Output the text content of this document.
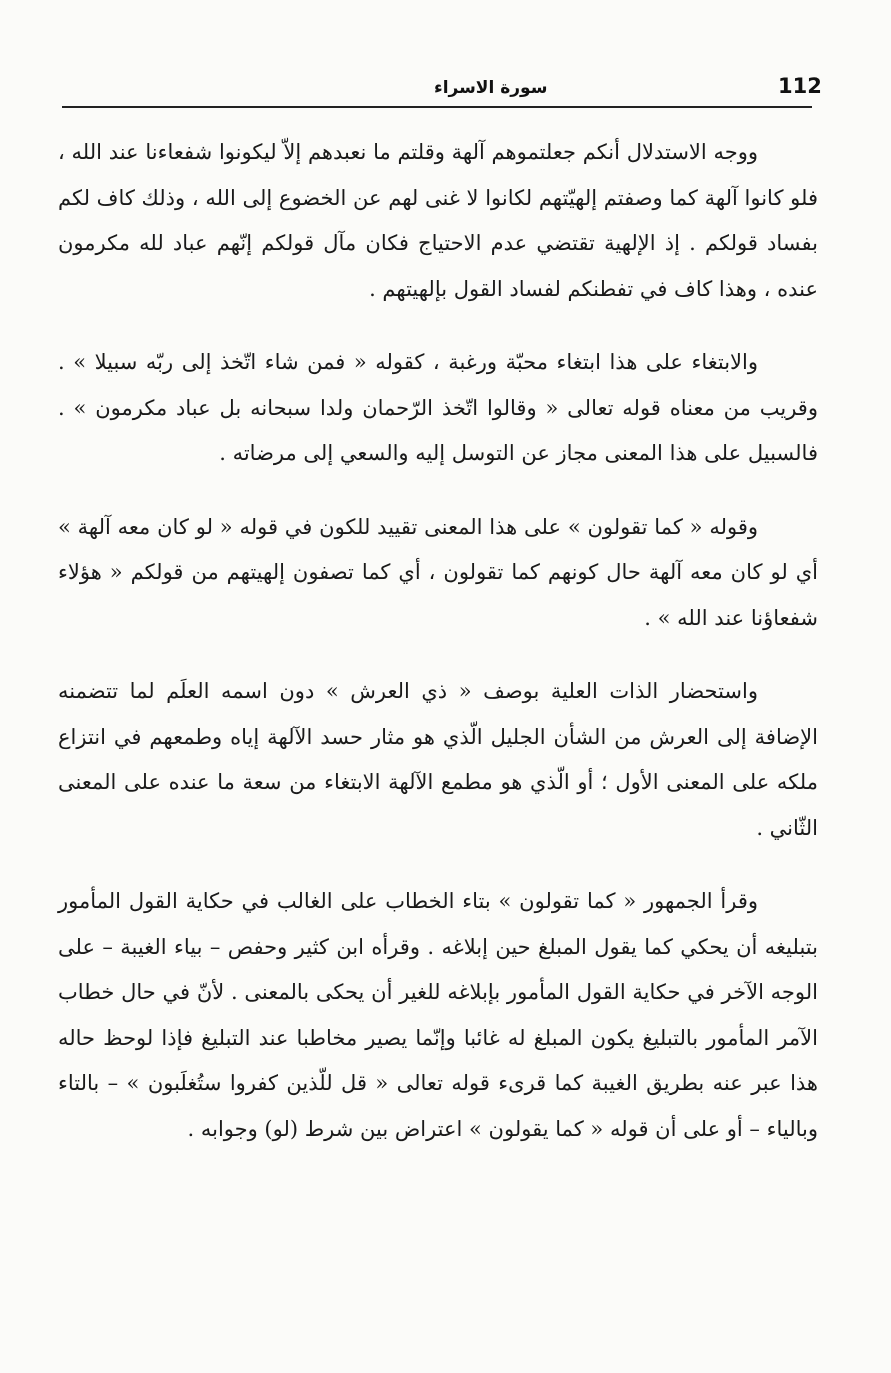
112
سورة الاسراء

ووجه الاستدلال أنكم جعلتموهم آلهة وقلتم ما نعبدهم إلاّ ليكونوا شفعاءنا عند الله ، فلو كانوا آلهة كما وصفتم إلهيّتهم لكانوا لا غنى لهم عن الخضوع إلى الله ، وذلك كاف لكم بفساد قولكم . إذ الإلهية تقتضي عدم الاحتياج فكان مآل قولكم إنّهم عباد لله مكرمون عنده ، وهذا كاف في تفطنكم لفساد القول بإلهيتهم .

والابتغاء على هذا ابتغاء محبّة ورغبة ، كقوله « فمن شاء اتّخذ إلى ربّه سبيلا » . وقريب من معناه قوله تعالى « وقالوا اتّخذ الرّحمان ولدا سبحانه بل عباد مكرمون » . فالسبيل على هذا المعنى مجاز عن التوسل إليه والسعي إلى مرضاته .

وقوله « كما تقولون » على هذا المعنى تقييد للكون في قوله « لو كان معه آلهة » أي لو كان معه آلهة حال كونهم كما تقولون ، أي كما تصفون إلهيتهم من قولكم « هؤلاء شفعاؤنا عند الله » .

واستحضار الذات العلية بوصف « ذي العرش » دون اسمه العلَم لما تتضمنه الإضافة إلى العرش من الشأن الجليل الّذي هو مثار حسد الآلهة إياه وطمعهم في انتزاع ملكه على المعنى الأول ؛ أو الّذي هو مطمع الآلهة الابتغاء من سعة ما عنده على المعنى الثّاني .

وقرأ الجمهور « كما تقولون » بتاء الخطاب على الغالب في حكاية القول المأمور بتبليغه أن يحكي كما يقول المبلغ حين إبلاغه . وقرأه ابن كثير وحفص – بياء الغيبة – على الوجه الآخر في حكاية القول المأمور بإبلاغه للغير أن يحكى بالمعنى . لأنّ في حال خطاب الآمر المأمور بالتبليغ يكون المبلغ له غائبا وإنّما يصير مخاطبا عند التبليغ فإذا لوحظ حاله هذا عبر عنه بطريق الغيبة كما قرىء قوله تعالى « قل للّذين كفروا ستُغلَبون » – بالتاء وبالياء – أو على أن قوله « كما يقولون » اعتراض بين شرط (لو) وجوابه .
